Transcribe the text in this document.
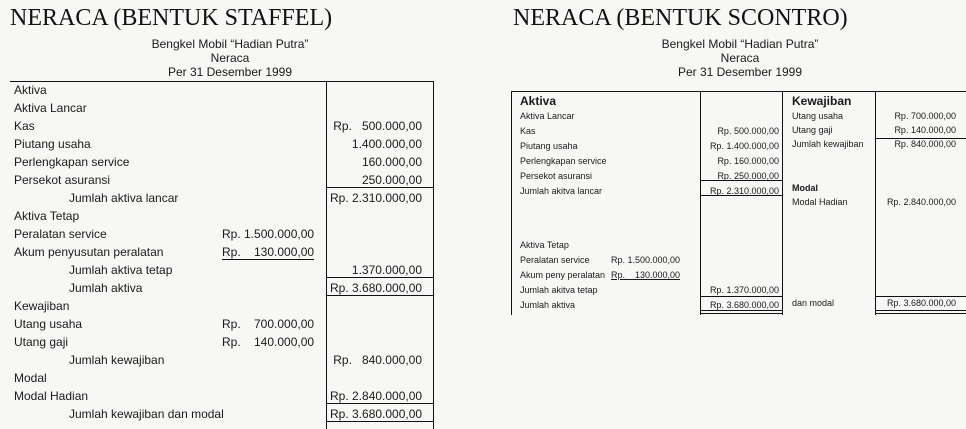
NERACA (BENTUK STAFFEL)
Bengkel Mobil “Hadian Putra”
Neraca
Per 31 Desember 1999
Aktiva
Aktiva Lancar
Kas	Rp.   500.000,00
Piutang usaha	1.400.000,00
Perlengkapan service	160.000,00
Persekot asuransi	250.000,00
Jumlah aktiva lancar	Rp. 2.310.000,00
Aktiva Tetap
Peralatan service	Rp. 1.500.000,00
Akum penyusutan peralatan	Rp.    130.000,00
Jumlah aktiva tetap	1.370.000,00
Jumlah aktiva	Rp. 3.680.000,00
Kewajiban
Utang usaha	Rp.    700.000,00
Utang gaji	Rp.    140.000,00
Jumlah kewajiban	Rp.   840.000,00
Modal
Modal Hadian	Rp. 2.840.000,00
Jumlah kewajiban dan modal	Rp. 3.680.000,00
NERACA (BENTUK SCONTRO)
Bengkel Mobil “Hadian Putra”
Neraca
Per 31 Desember 1999
Aktiva
Aktiva Lancar
Kas	Rp. 500.000,00
Piutang usaha	Rp. 1.400.000,00
Perlengkapan service	Rp. 160.000,00
Persekot asuransi	Rp. 250.000,00
Jumlah akitva lancar	Rp. 2.310.000,00
Aktiva Tetap
Peralatan service Rp. 1.500.000,00
Akum peny peralatan Rp.    130.000,00
Jumlah akitva tetap	Rp. 1.370.000,00
Jumlah aktiva	Rp. 3.680.000,00
Kewajiban
Utang usaha	Rp. 700.000,00
Utang gaji	Rp. 140.000,00
Jumlah kewajiban	Rp. 840.000,00
Modal
Modal Hadian	Rp. 2.840.000,00
dan modal	Rp. 3.680.000,00
